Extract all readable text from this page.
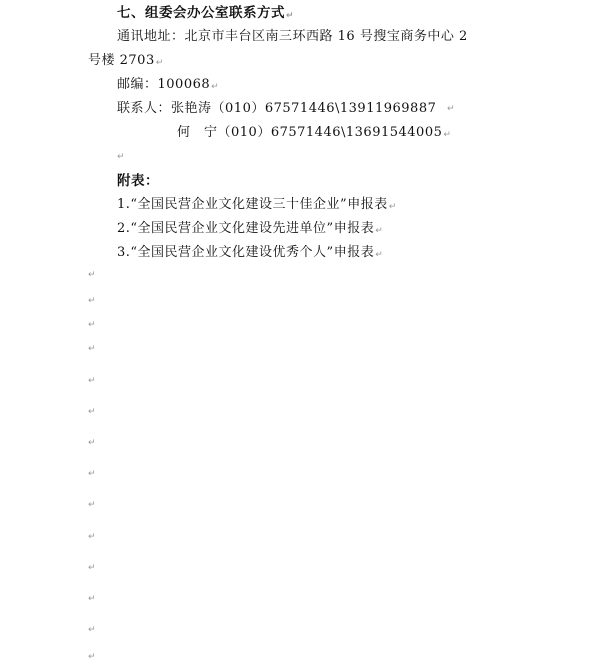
七、组委会办公室联系方式↵
通讯地址：北京市丰台区南三环西路 16 号搜宝商务中心 2
号楼 2703↵
邮编：100068↵
联系人：张艳涛（010）67571446\13911969887 ↵
何　宁（010）67571446\13691544005↵
↵
附表：
1.“全国民营企业文化建设三十佳企业”申报表↵
2.“全国民营企业文化建设先进单位”申报表↵
3.“全国民营企业文化建设优秀个人”申报表↵
↵
↵
↵
↵
↵
↵
↵
↵
↵
↵
↵
↵
↵
↵
